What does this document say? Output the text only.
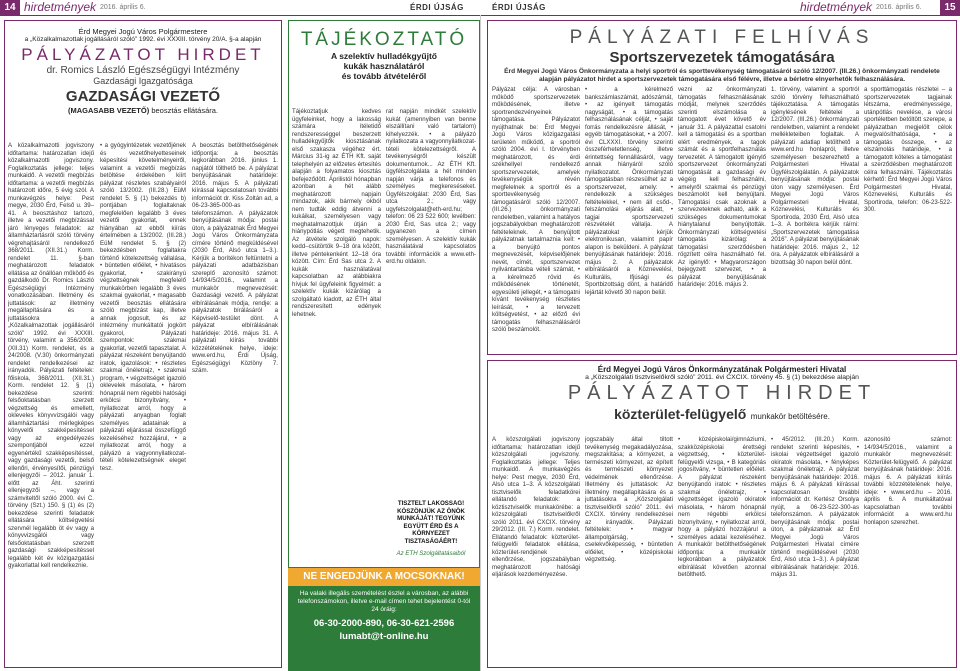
14 hirdetmények 2016. április 6.	ÉRDI ÚJSÁG	ÉRDI ÚJSÁG	hirdetmények 2016. április 6.	15
Érd Megyei Jogú Város Polgármestere
a „Közalkalmazottak jogállásáról szóló” 1992. évi XXXIII. törvény 20/A. §-a alapján
PÁLYÁZATOT HIRDET
dr. Romics László Egészségügyi Intézmény
Gazdasági Igazgatósága
GAZDASÁGI VEZETŐ
(MAGASABB VEZETŐ) beosztás ellátására.
A közalkalmazotti jogviszony időtartama: határozatlan idejű közalkalmazotti jogviszony. Foglalkoztatás jellege: teljes munkaidő. A vezetői megbízás időtartama: a vezetői megbízás határozott időre, 5 évig szól. A munkavégzés helye: Pest megye, 2030 Érd, Felső u. 39–41. A beosztáshoz tartozó, illetve a vezetői megbízással járó lényeges feladatok: az államháztartásról szóló törvény végrehajtásáról rendelkező 368/2011. (XII.31.) Korm. rendelet 11. §-ban meghatározott feladatok ellátása az önállóan működő és gazdálkodó Dr. Romics László Egészségügyi Intézmény vonatkozásában. Illetmény és juttatások: az illetmény megállapítására és a juttatásokra a „Közalkalmazottak jogállásáról szóló” 1992. évi XXXIII. törvény, valamint a 356/2008. (XII.31) Korm. rendelet, és a 24/2008. (V.30) önkormányzati rendelet rendelkezései az irányadók. Pályázati feltételek: főiskola, 368/2011. (XII.31.) Korm. rendelet 12. § (1) bekezdése szerinti: felsőoktatásban szerzett végzettség és emellett, okleveles könyvvizsgálói vagy államháztartási mérlegképes könyvelői szakképesítéssel vagy az engedélyezés szempontjából ezzel egyenértékű szakképesítéssel, vagy gazdasági vezetői, belső ellenőri, érvényesítői, pénzügyi ellenjegyzői – 2012. január 1. előtt az Áht. szerinti ellenjegyzői –, vagy a számviteltől szóló 2000. évi C. törvény (Szt.) 150. § (1) és (2) bekezdése szerinti feladatok ellátására költségvetési szervnél legalább öt év vagy a könyvvizsgálói vagy felsőoktatásban szerzett gazdasági szakképesítéssel legalább két év közigazgatási gyakorlattal kell rendelkeznie.
• a gyógyintézetek vezetőjének és vezetőhelyetteseinek képesítési követelményeiről, valamint a vezetői megbízás betöltése érdekében kiírt pályázat részletes szabályairól szóló 13/2002. (III.28.) EüM rendelet 5. § (1) bekezdés b) pontjában foglaltaknak megfelelően legalább 3 éves vezetői gyakorlat, ennek hiányában az ebből kiírás értelmében a 13/2002. (III.28.) EüM rendelet 5. § (2) bekezdésben foglaltakra történő kötelezettség vállalása, • büntetlen előélet, • hivatásos gyakorlat, • szakirányú végzettségnek megfelelő munkakörben legalább 3 éves szakmai gyakorlat, • magasabb vezetői beosztás ellátására szóló megbízást kap, illetve annak jogosult, és az intézmény munkáltatói jogkört gyakorol, Pályázati szempontok: szakmai gyakorlat, vezetői tapasztalat. A pályázat részeként benyújtandó iratok, igazolások: • részletes szakmai önéletrajz, • szakmai program, • végzettséget igazoló oklevelek másolata, • három hónapnál nem régebbi hatósági erkölcsi bizonyítvány, • nyilatkozat arról, hogy a pályázati anyagban foglalt személyes adatainak a pályázati eljárással összefüggő kezeléséhez hozzájárul, • a nyilatkozat arról, hogy a pályázó a vagyonnyilatkozat-tételi kötelezettségnek eleget tesz.
A beosztás betölthetőségének időpontja: a beosztás legkorábban 2016. június 1. napjától tölthető be. A pályázat benyújtásának határideje: 2016. május 5. A pályázati kiírással kapcsolatosan további információt dr. Kiss Zoltán ad, a 06-23-365-000-as telefonszámon. A pályázatok benyújtásának módja: postai úton, a pályázatnak Érd Megyei Jogú Város Önkormányzata címére történő megküldésével (2030 Érd, Alsó utca 1–3.). Kérjük a borítékon feltüntetni a pályázati adatbázisban szereplő azonosító számot: 14/934/5/2016., valamint a munkakör megnevezését: Gazdasági vezető. A pályázat elbírálásának módja, rendje: a pályázatok bírálásáról a Képviselő-testület dönt. A pályázat elbírálásának határideje: 2016. május 31. A pályázati kiírás további közzétételének helye, ideje: www.erd.hu, Érdi Újság, Egészségügyi Közlöny 7. szám.
TÁJÉKOZTATÓ
A szelektív hulladékgyűjtő
kukák használatáról
és tovább átvételéről
Tájékoztatjuk kedves ügyfeleinket, hogy a lakosság számára ítéletidő rendszerességgel beszerzett hulladékgyűjtők kiosztásának első szakasza végéhez ért. Március 31-ig az ÉTH Kft. saját telephelyén az előzetes értesítés alapján a folyamatos kiosztás befejeződött. Áprilistól hónapban azonban a hét alább meghatározott napjain mindazok, akik bármely okból nem tudták eddig átvenni a kukáikat, személyesen vagy meghatalmazottjuk útján a hiánypótlás végett megtehetik. Az átvétele szolgáló napok: kedd–csütörtök 9–18 óra között, illetve péntekenként 12–18 óra között. Cím: Érd Sas utca 2. A kukák használatával kapcsolatban az alábbiakra hívjuk fel ügyfeleink figyelmét: a szelektív kukák kizárólag a szolgáltató kiadott, az ÉTH által rendszeresített edények lehetnek.
rat napján mindkét szelektív kukát (amennyiben van benne elszállítani való tartalom) kihelyezzék. • a pályázó nyilatkozata a vagyonnyilatkozat-tételi kötelezettségről. A tevékenységről készült dokumentumok... Az ÉTH Kft. ügyfélszolgálata a hét minden napján várja a telefonos és személyes megkereséseket. Ügyfélszolgálat: 2030 Érd, Sas utca 2.; vagy ugyfelszolgalat@eth-erd.hu; telefon: 06 23 522 600; levélben: 2030 Érd, Sas utca 2.; vagy ugyanezen a címen személyesen. A szelektív kukák használatával kapcsolatos további információk a www.eth-erd.hu oldalon.
TISZTELT LAKOSSÁG! KÖSZÖNJÜK AZ ÖNÖK MUNKÁJÁT! TEGYÜNK EGYÜTT ÉRD ÉS A KÖRNYEZET TISZTASÁGÁÉRT!
Az ÉTH Szolgáltatásaiból
NE ENGEDJÜNK A MOCSOKNAK!
Ha valaki illegális szemételést észlel a városban, az alábbi telefonszámokon, illetve e-mail címen tehet bejelentést 0-tól 24 óráig:
06-30-2000-890, 06-30-621-2596
lumabt@t-online.hu
PÁLYÁZATI FELHÍVÁS
Sportszervezetek támogatására
Érd Megyei Jogú Város Önkormányzata a helyi sportról és sporttevékenység támogatásáról szóló 12/2007. (III.26.) önkormányzati rendelete alapján pályázatot hirdet a sportszervezetek támogatására első félévre, illetve a bérletre elnyerhetők felhasználására.
Pályázat célja: A városban működő sportszervezetek működésének, illetve sportrendezvényeinek támogatása. Pályázatot nyújthatnak be: Érd Megyei Jogú Város közigazgatási területén működő, a sportról szóló 2004. évi I. törvényben meghatározott, és érdi székhellyel rendelkező sportszervezetek, amelyek tevékenységük révén megfelelnek a sportról és a sporttevékenység támogatásáról szóló 12/2007. (III.26.) önkormányzati rendeletben, valamint a hatályos jogszabályokban meghatározott feltételeknek. A benyújtott pályázatnak tartalmaznia kell: • a benyújtó pontos megnevezését, képviselőjének nevét, címét, sportszervezet nyilvántartásba vételi számát, • a kérelmező rövid és működésének történetét, egyesületi jellegét, • a támogatni kívánt tevékenység részletes leírását, • a tervezett költségvetést, • az előző évi támogatás felhasználásáról szóló beszámolót.
• a kérelmező bankszámlaszámát, adószámát, • az igényelt támogatás nagyságát, • a támogatás felhasználásának célját, • saját forrás rendelkezésre állását, • egyéb támogatásokat, • a 2007. évi CLXXXI. törvény szerinti összeférhetetlenség, illetve érintettség fennállásáról, vagy annak hiányáról szóló nyilatkozatot. Önkormányzati támogatásban részesülhet az a sportszervezet, amely: • rendelkezik a szükséges feltételekkel, • nem áll csőd-, felszámolási eljárás alatt, • tagjai sportszervezeti részvételét vállalja. A pályázatokat kérjük elektronikusan, valamint papír alapon is beküldeni. A pályázat benyújtásának határideje: 2016. május 2. A pályázatok elbírálásáról a Köznevelési, Kulturális, Ifjúsági és Sportbizottság dönt, a határidő lejártát követő 30 napon belül.
vezni az önkormányzati támogatás felhasználásának módját, melynek szerződés szerinti elszámolása a támogatott évet követő év január 31. A pályázattal csatolni kell a támogatási és a sportban elért eredmények, a tagok számát és a sportfelhasználás tervezetét. A támogatott igénylő sportszervezet önkormányzati támogatását a gazdasági év végéig kell felhasználni, amelyről szakmai és pénzügyi beszámolót kell benyújtani. Támogatási csak azoknak a szervezeteknek adható, akik a szükséges dokumentumokat hiánytalanul benyújtották. Önkormányzati költségvetési támogatás kizárólag: a támogatási szerződésben rögzített célra használható fel. Az igénylő: • Magyarországon bejegyzett szervezet, • a pályázat benyújtásának határideje: 2016. május 2.
1. törvény, valamint a sportról szóló törvény felhasználható tájékoztatása. A támogatás igénylésének feltételei a 12/2007. (III.26.) önkormányzati rendeletben, valamint a rendelet mellékleteiben foglaltak. A pályázati adatlap letölthető a www.erd.hu honlapról, illetve személyesen beszerezhető a Polgármesteri Hivatal Ügyfélszolgálatán. A pályázatok benyújtásának módja: postai úton vagy személyesen. Érd Megyei Jogú Város Polgármesteri Hivatal, Köznevelési, Kulturális és Sportiroda, 2030 Érd, Alsó utca 1–3. A borítékra kérjük ráírni: „Sportszervezetek támogatása 2016”. A pályázat benyújtásának határideje: 2016. május 2., 12 óra. A pályázatok elbírálásáról a bizottság 30 napon belül dönt.
a sporttámogatás részletei – a sportszervezetek tagjainak létszáma, eredményessége, utánpótlás nevelése, a városi sportéletben betöltött szerepe, a pályázatban megjelölt célok megvalósíthatósága, • a támogatás összege, • az elszámolás határideje, • a támogatott köteles a támogatást a szerződésben meghatározott célra felhasználni. Tájékoztatás kérhető: Érd Megyei Jogú Város Polgármesteri Hivatal, Köznevelési, Kulturális és Sportiroda, telefon: 06-23-522-300.
Érd Megyei Jogú Város Önkormányzatának Polgármesteri Hivatal
a „Közszolgálati tisztviselőkről szóló” 2011. évi CXCIX. törvény 45. § (1) bekezdése alapján
PÁLYÁZATOT HIRDET
közterület-felügyelő munkakör betöltésére.
A közszolgálati jogviszony időtartama: határozatlan idejű közszolgálati jogviszony. Foglalkoztatás jellege: Teljes munkaidő. A munkavégzés helye: Pest megye, 2030 Érd, Alsó utca 1–3. A közszolgálati tisztviselők feladatkörei ellátandó feladatok: a köztisztviselők munkakörébe: a közszolgálati tisztviselőkről szóló 2011. évi CXCIX. törvény 29/2012. (III. 7.) Korm. rendelet. Ellátandó feladatok: közterület-felügyelői feladatok ellátása, közterület-rendjének ellenőrzése, jogszabályban meghatározott hatósági eljárások kezdeményezése.
jogszabály által tiltott tevékenység megakadályozása, megszakítása; a környezet, a természeti környezet, az épített és természeti környezet védelmének ellenőrzése. Illetmény és juttatások: Az illetmény megállapítására és a juttatásokra a „Közszolgálati tisztviselőkről szóló” 2011. évi CXCIX. törvény rendelkezései az irányadók. Pályázati feltételek: • magyar állampolgárság, • cselekvőképesség, • büntetlen előélet, • középiskolai végzettség.
• középiskolai/gimnáziumi, szakközépiskolai érettségi végzettség, • közterület-felügyelői vizsga, • B kategóriás jogosítvány, • büntetlen előélet. A pályázat részeként benyújtandó iratok: • részletes szakmai önéletrajz, • végzettséget igazoló okiratok másolata, • három hónapnál nem régebbi erkölcsi bizonyítvány, • nyilatkozat arról, hogy a pályázó hozzájárul a személyes adatai kezeléséhez. A munkakör betölthetőségének időpontja: a munkakör legkorábban a pályázatok elbírálását követően azonnal betölthető.
• 45/2012. (III.20.) Korm. rendelet szerinti képesítés, • iskolai végzettséget igazoló okiratok másolata, • fényképes szakmai önéletrajz. A pályázat benyújtásának határideje: 2016. május 6. A pályázati kiírással kapcsolatosan további információt dr. Kertész Orsolya nyújt, a 06-23-522-300-as telefonszámon. A pályázatok benyújtásának módja: postai úton, a pályázatnak az Érd Megyei Jogú Város Polgármesteri Hivatal címére történő megküldésével (2030 Érd, Alsó utca 1–3.). A pályázat elbírálásának határideje: 2016. május 31.
azonosító számot: 14/934/5/2016., valamint a munkakör megnevezését: Közterület-felügyelő. A pályázat benyújtásának határideje: 2016. május 6. A pályázati kiírás további közzétételének helye, ideje: • www.erd.hu – 2016. április 6. A munkáltatóval kapcsolatban további információt a www.erd.hu honlapon szerezhet.
